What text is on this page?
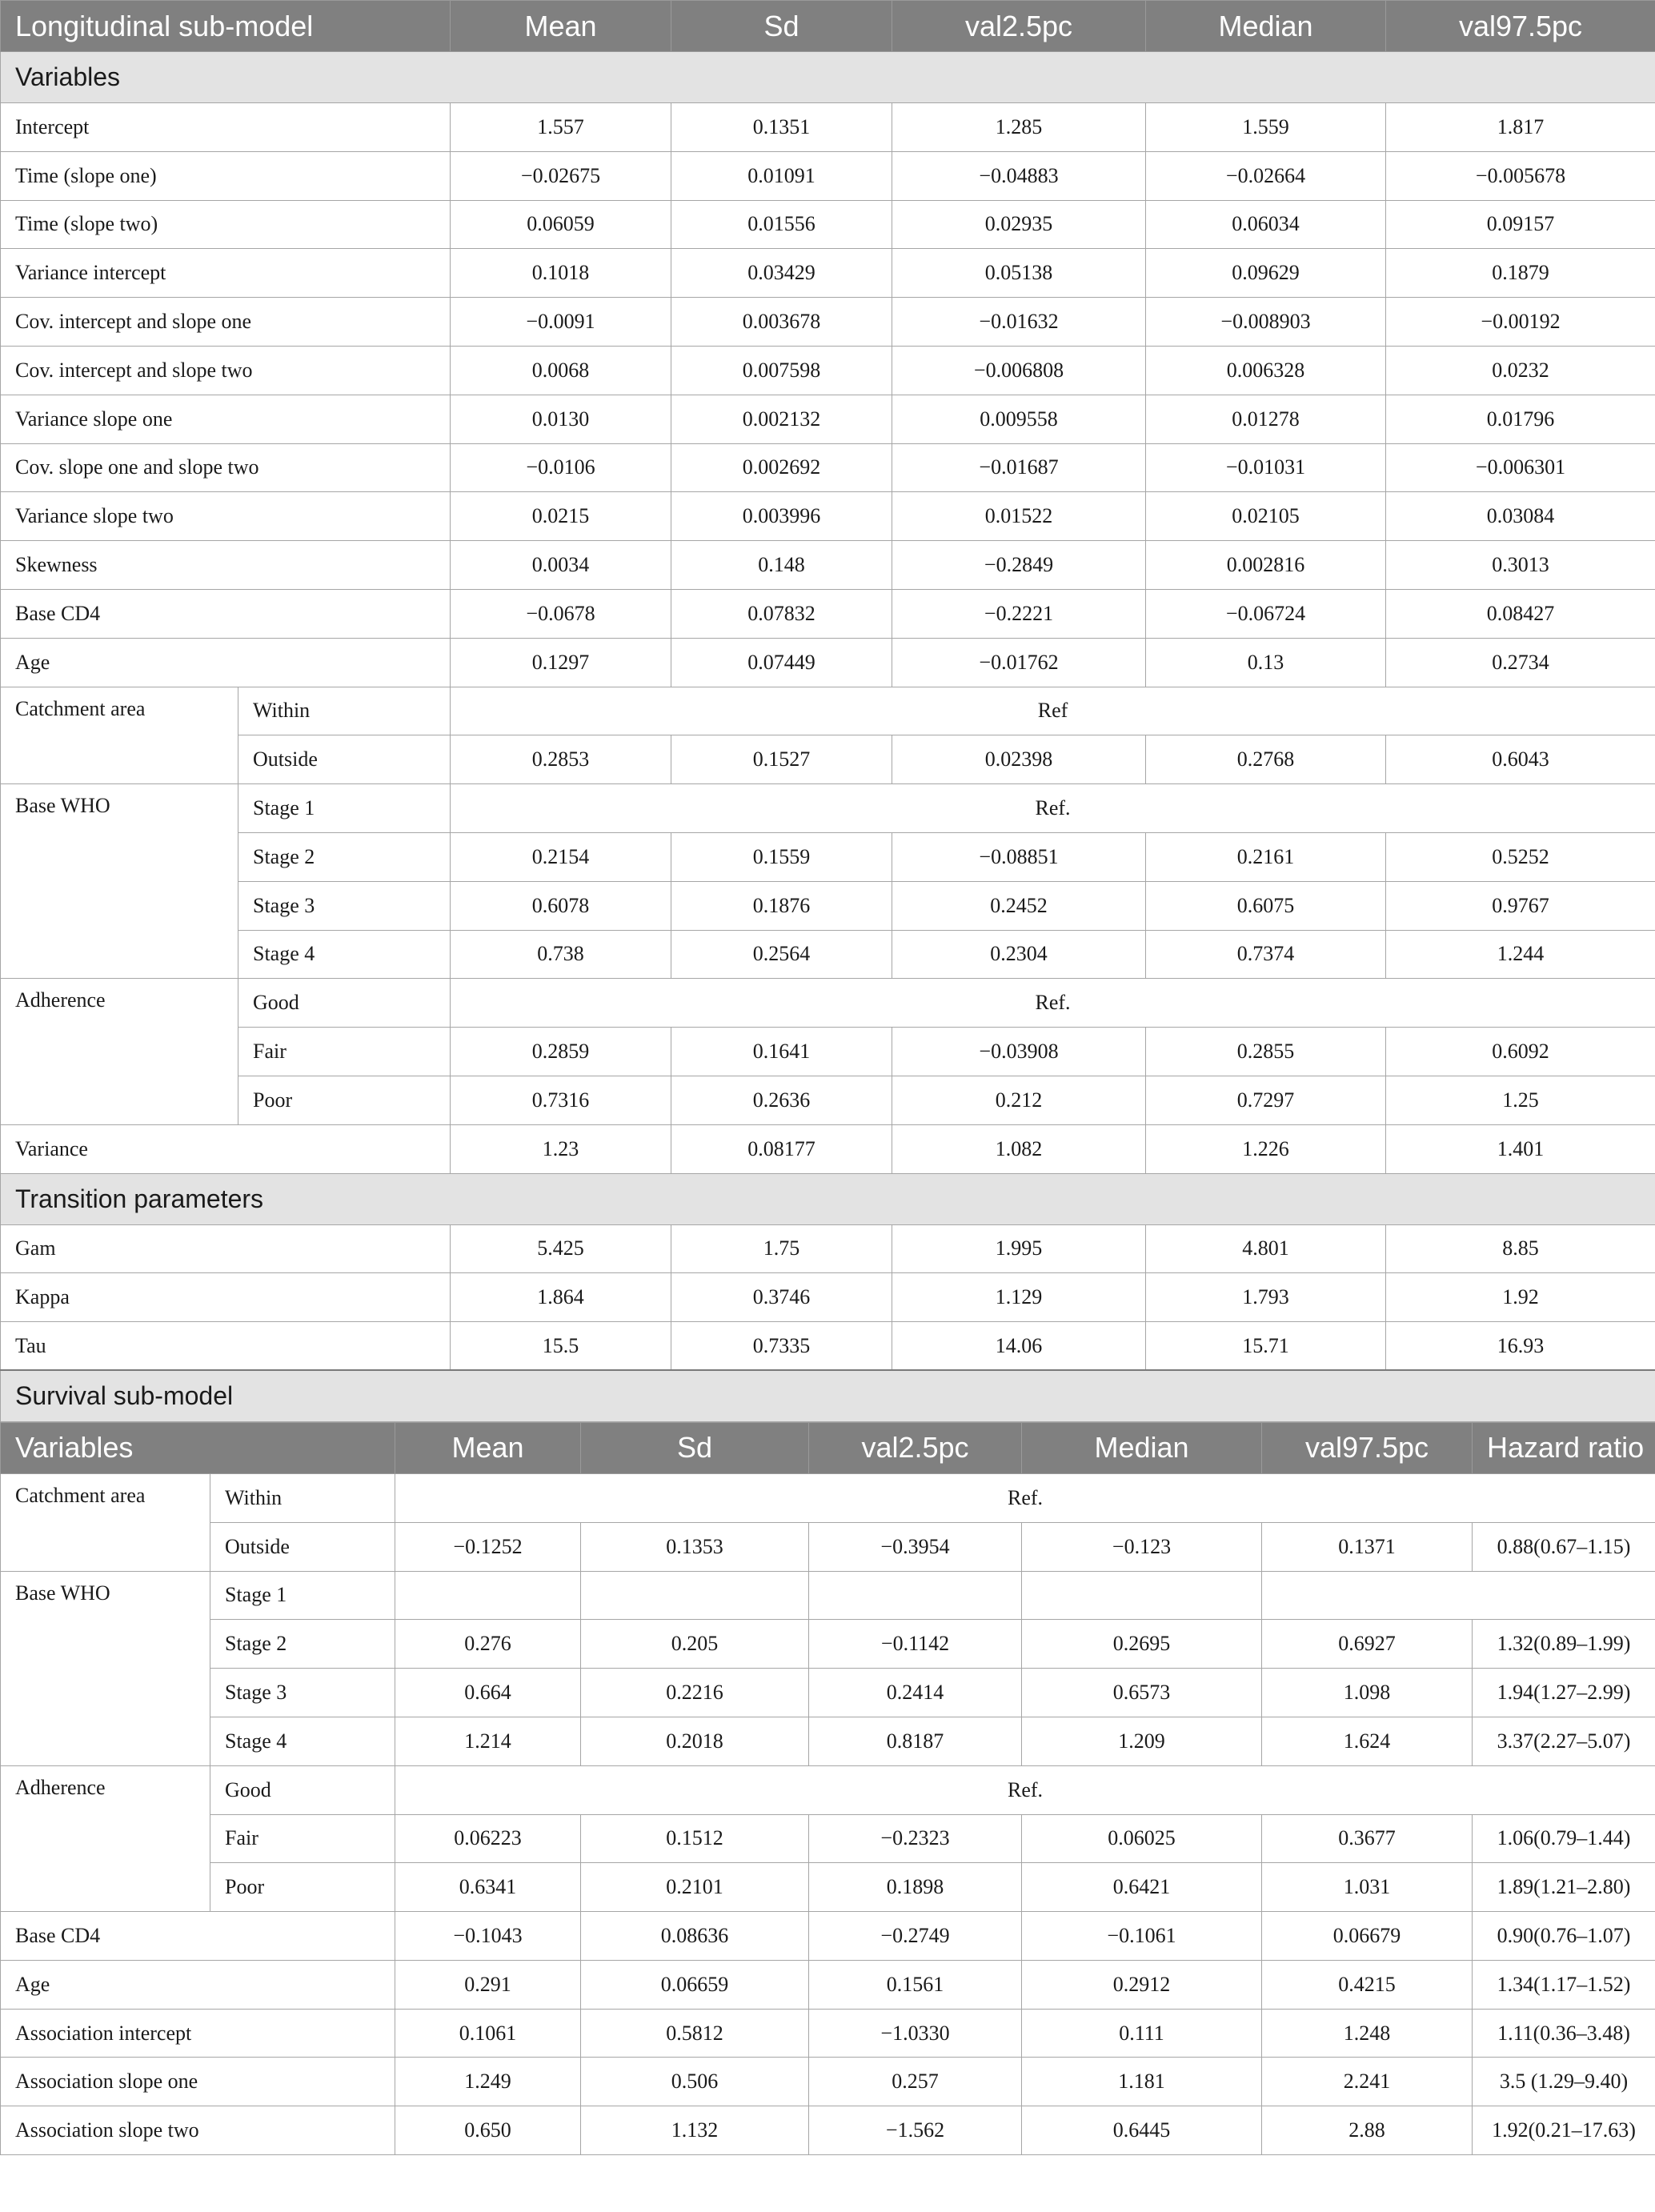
Longitudinal sub-model		Mean	Sd	val2.5pc	Median	val97.5pc
Variables						
Intercept		1.557	0.1351	1.285	1.559	1.817
Time (slope one)		−0.02675	0.01091	−0.04883	−0.02664	−0.005678
Time (slope two)		0.06059	0.01556	0.02935	0.06034	0.09157
Variance intercept		0.1018	0.03429	0.05138	0.09629	0.1879
Cov. intercept and slope one		−0.0091	0.003678	−0.01632	−0.008903	−0.00192
Cov. intercept and slope two		0.0068	0.007598	−0.006808	0.006328	0.0232
Variance slope one		0.0130	0.002132	0.009558	0.01278	0.01796
Cov. slope one and slope two		−0.0106	0.002692	−0.01687	−0.01031	−0.006301
Variance slope two		0.0215	0.003996	0.01522	0.02105	0.03084
Skewness		0.0034	0.148	−0.2849	0.002816	0.3013
Base CD4		−0.0678	0.07832	−0.2221	−0.06724	0.08427
Age		0.1297	0.07449	−0.01762	0.13	0.2734
Catchment area	Within	Ref				
	Outside	0.2853	0.1527	0.02398	0.2768	0.6043
Base WHO	Stage 1	Ref.				
	Stage 2	0.2154	0.1559	−0.08851	0.2161	0.5252
	Stage 3	0.6078	0.1876	0.2452	0.6075	0.9767
	Stage 4	0.738	0.2564	0.2304	0.7374	1.244
Adherence	Good	Ref.				
	Fair	0.2859	0.1641	−0.03908	0.2855	0.6092
	Poor	0.7316	0.2636	0.212	0.7297	1.25
Variance		1.23	0.08177	1.082	1.226	1.401
Transition parameters						
Gam		5.425	1.75	1.995	4.801	8.85
Kappa		1.864	0.3746	1.129	1.793	1.92
Tau		15.5	0.7335	14.06	15.71	16.93
Survival sub-model						
Variables		Mean	Sd	val2.5pc	Median	val97.5pc	Hazard ratio
Catchment area	Within	Ref.					
	Outside	−0.1252	0.1353	−0.3954	−0.123	0.1371	0.88(0.67–1.15)
Base WHO	Stage 1						
	Stage 2	0.276	0.205	−0.1142	0.2695	0.6927	1.32(0.89–1.99)
	Stage 3	0.664	0.2216	0.2414	0.6573	1.098	1.94(1.27–2.99)
	Stage 4	1.214	0.2018	0.8187	1.209	1.624	3.37(2.27–5.07)
Adherence	Good	Ref.					
	Fair	0.06223	0.1512	−0.2323	0.06025	0.3677	1.06(0.79–1.44)
	Poor	0.6341	0.2101	0.1898	0.6421	1.031	1.89(1.21–2.80)
Base CD4		−0.1043	0.08636	−0.2749	−0.1061	0.06679	0.90(0.76–1.07)
Age		0.291	0.06659	0.1561	0.2912	0.4215	1.34(1.17–1.52)
Association intercept		0.1061	0.5812	−1.0330	0.111	1.248	1.11(0.36–3.48)
Association slope one		1.249	0.506	0.257	1.181	2.241	3.5 (1.29–9.40)
Association slope two		0.650	1.132	−1.562	0.6445	2.88	1.92(0.21–17.63)
